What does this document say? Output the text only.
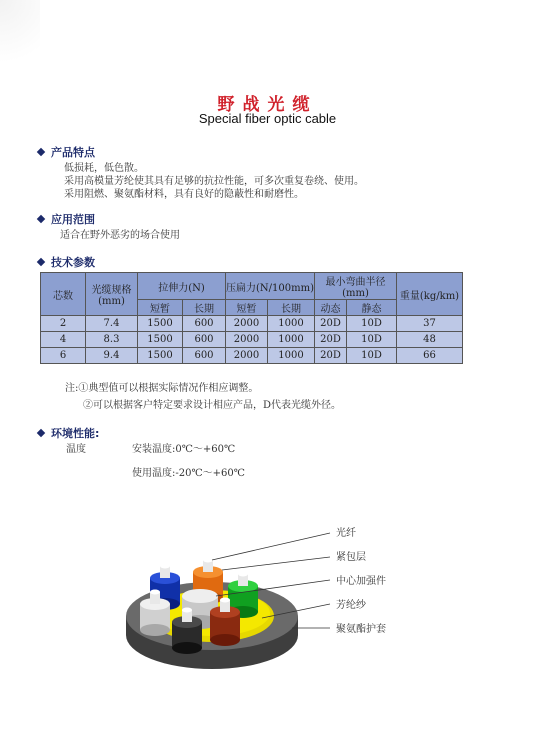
野战光缆
Special fiber optic cable
产品特点
低损耗，低色散。
采用高模量芳纶使其具有足够的抗拉性能，可多次重复卷绕、使用。
采用阻燃、聚氨酯材料，具有良好的隐蔽性和耐磨性。
应用范围
适合在野外恶劣的场合使用
技术参数
芯数	光缆规格(mm)	拉伸力(N)		压扁力(N/100mm)		最小弯曲半径(mm)		重量(kg/km)
		短暂	长期	短暂	长期	动态	静态	
2	7.4	1500	600	2000	1000	20D	10D	37
4	8.3	1500	600	2000	1000	20D	10D	48
6	9.4	1500	600	2000	1000	20D	10D	66
注:①典型值可以根据实际情况作相应调整。
②可以根据客户特定要求设计相应产品，D代表光缆外径。
环境性能:
温度	安装温度:0℃～+60℃
使用温度:-20℃～+60℃
光纤
紧包层
中心加强件
芳纶纱
聚氨酯护套
